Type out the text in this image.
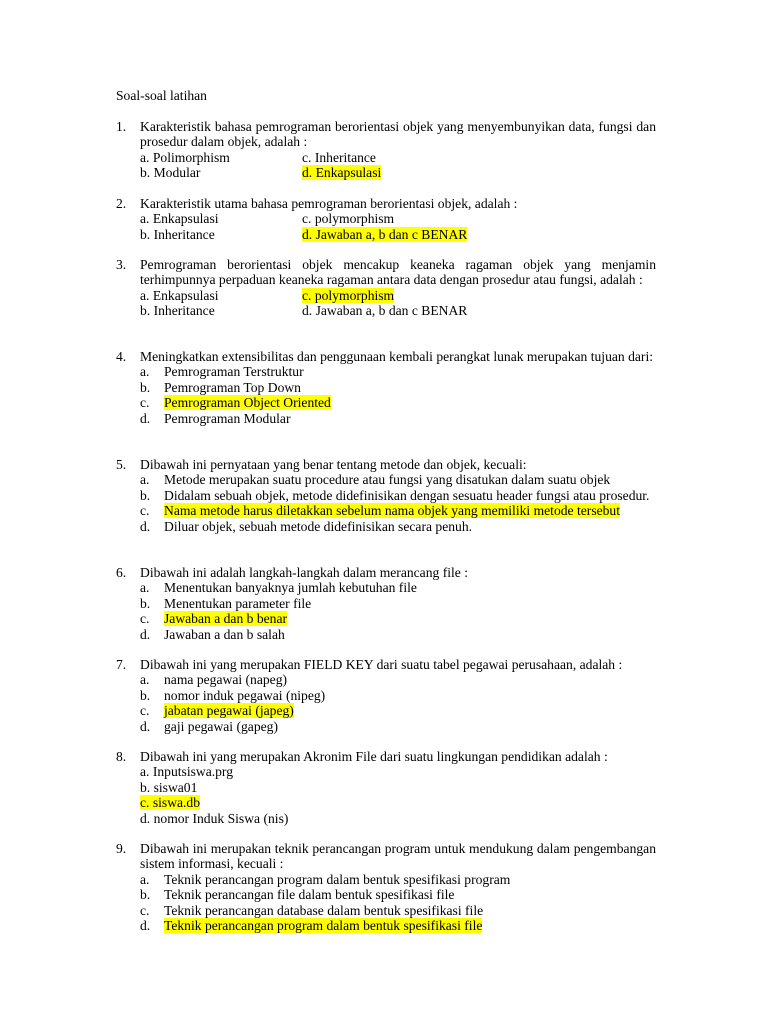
Soal-soal latihan
1.	Karakteristik bahasa pemrograman berorientasi objek yang menyembunyikan data, fungsi dan prosedur dalam objek, adalah :
a. Polimorphism	c. Inheritance
b. Modular	d. Enkapsulasi
2.	Karakteristik utama bahasa pemrograman berorientasi objek, adalah :
a. Enkapsulasi	c. polymorphism
b. Inheritance	d. Jawaban a, b dan c BENAR
3.	Pemrograman berorientasi objek mencakup keaneka ragaman objek yang menjamin terhimpunnya perpaduan keaneka ragaman antara data dengan prosedur atau fungsi, adalah :
a. Enkapsulasi	c. polymorphism
b. Inheritance	d. Jawaban a, b dan c BENAR
4.	Meningkatkan extensibilitas dan penggunaan kembali perangkat lunak merupakan tujuan dari:
a.	Pemrograman Terstruktur
b.	Pemrograman Top Down
c.	Pemrograman Object Oriented
d.	Pemrograman Modular
5.	Dibawah ini pernyataan yang benar tentang metode dan objek, kecuali:
a.	Metode merupakan suatu procedure atau fungsi yang disatukan dalam suatu objek
b.	Didalam sebuah objek, metode didefinisikan dengan sesuatu header fungsi atau prosedur.
c.	Nama metode harus diletakkan sebelum nama objek yang memiliki metode tersebut
d.	Diluar objek, sebuah metode didefinisikan secara penuh.
6.	Dibawah ini adalah langkah-langkah dalam merancang file :
a.	Menentukan banyaknya jumlah kebutuhan file
b.	Menentukan parameter file
c.	Jawaban a dan b benar
d.	Jawaban a dan b salah
7.	Dibawah ini yang merupakan FIELD KEY dari suatu tabel pegawai perusahaan, adalah :
a.	nama pegawai (napeg)
b.	nomor induk pegawai (nipeg)
c.	jabatan pegawai (japeg)
d.	gaji pegawai (gapeg)
8.	Dibawah ini yang merupakan Akronim File dari suatu lingkungan pendidikan adalah :
a. Inputsiswa.prg
b. siswa01
c. siswa.db
d. nomor Induk Siswa (nis)
9.	Dibawah ini merupakan teknik perancangan program untuk mendukung dalam pengembangan sistem informasi, kecuali :
a.	Teknik perancangan program dalam bentuk spesifikasi program
b.	Teknik perancangan file dalam bentuk spesifikasi file
c.	Teknik perancangan database dalam bentuk spesifikasi file
d.	Teknik perancangan program dalam bentuk spesifikasi file
